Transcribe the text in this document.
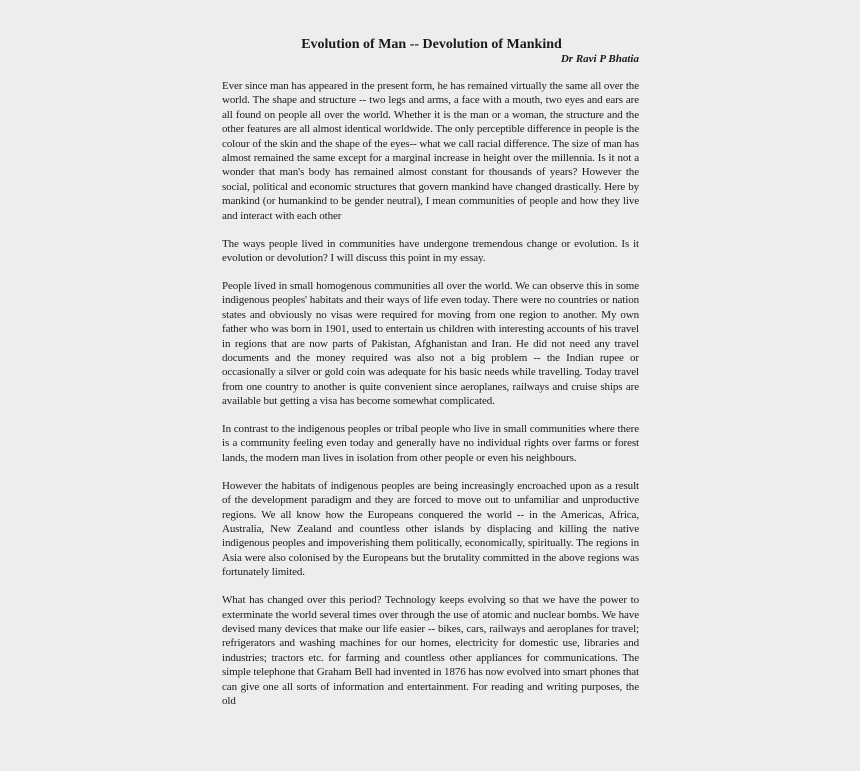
Evolution of Man -- Devolution of Mankind
Dr Ravi P Bhatia

Ever since man has appeared in the present form, he has remained virtually the same all over the world. The shape and structure -- two legs and arms, a face with a mouth, two eyes and ears are all found on people all over the world. Whether it is the man or a woman, the structure and the other features are all almost identical worldwide. The only perceptible difference in people is the colour of the skin and the shape of the eyes-- what we call racial difference. The size of man has almost remained the same except for a marginal increase in height over the millennia. Is it not a wonder that man's body has remained almost constant for thousands of years? However the social, political and economic structures that govern mankind have changed drastically. Here by mankind (or humankind to be gender neutral), I mean communities of people and how they live and interact with each other

The ways people lived in communities have undergone tremendous change or evolution. Is it evolution or devolution? I will discuss this point in my essay.

People lived in small homogenous communities all over the world. We can observe this in some indigenous peoples' habitats and their ways of life even today. There were no countries or nation states and obviously no visas were required for moving from one region to another. My own father who was born in 1901, used to entertain us children with interesting accounts of his travel in regions that are now parts of Pakistan, Afghanistan and Iran. He did not need any travel documents and the money required was also not a big problem -- the Indian rupee or occasionally a silver or gold coin was adequate for his basic needs while travelling. Today travel from one country to another is quite convenient since aeroplanes, railways and cruise ships are available but getting a visa has become somewhat complicated.

In contrast to the indigenous peoples or tribal people who live in small communities where there is a community feeling even today and generally have no individual rights over farms or forest lands, the modern man lives in isolation from other people or even his neighbours.

However the habitats of indigenous peoples are being increasingly encroached upon as a result of the development paradigm and they are forced to move out to unfamiliar and unproductive regions. We all know how the Europeans conquered the world -- in the Americas, Africa, Australia, New Zealand and countless other islands by displacing and killing the native indigenous peoples and impoverishing them politically, economically, spiritually. The regions in Asia were also colonised by the Europeans but the brutality committed in the above regions was fortunately limited.

What has changed over this period? Technology keeps evolving so that we have the power to exterminate the world several times over through the use of atomic and nuclear bombs. We have devised many devices that make our life easier -- bikes, cars, railways and aeroplanes for travel; refrigerators and washing machines for our homes, electricity for domestic use, libraries and industries; tractors etc. for farming and countless other appliances for communications. The simple telephone that Graham Bell had invented in 1876 has now evolved into smart phones that can give one all sorts of information and entertainment. For reading and writing purposes, the old
